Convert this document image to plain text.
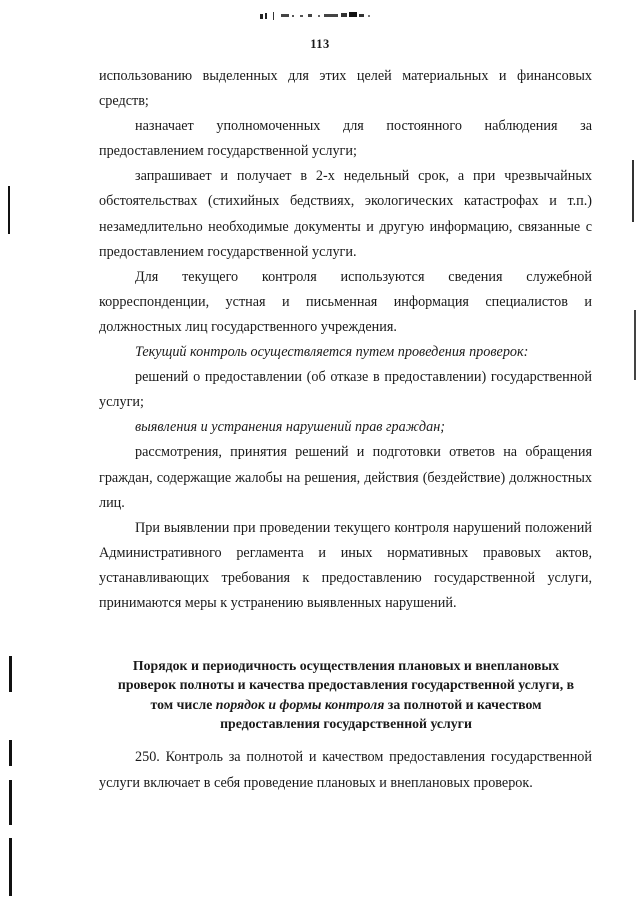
113

использованию выделенных для этих целей материальных и финансовых средств;

назначает уполномоченных для постоянного наблюдения за предоставлением государственной услуги;

запрашивает и получает в 2-х недельный срок, а при чрезвычайных обстоятельствах (стихийных бедствиях, экологических катастрофах и т.п.) незамедлительно необходимые документы и другую информацию, связанные с предоставлением государственной услуги.

Для текущего контроля используются сведения служебной корреспонденции, устная и письменная информация специалистов и должностных лиц государственного учреждения.

Текущий контроль осуществляется путем проведения проверок:

решений о предоставлении (об отказе в предоставлении) государственной услуги;

выявления и устранения нарушений прав граждан;

рассмотрения, принятия решений и подготовки ответов на обращения граждан, содержащие жалобы на решения, действия (бездействие) должностных лиц.

При выявлении при проведении текущего контроля нарушений положений Административного регламента и иных нормативных правовых актов, устанавливающих требования к предоставлению государственной услуги, принимаются меры к устранению выявленных нарушений.

Порядок и периодичность осуществления плановых и внеплановых проверок полноты и качества предоставления государственной услуги, в том числе порядок и формы контроля за полнотой и качеством предоставления государственной услуги

250. Контроль за полнотой и качеством предоставления государственной услуги включает в себя проведение плановых и внеплановых проверок.
